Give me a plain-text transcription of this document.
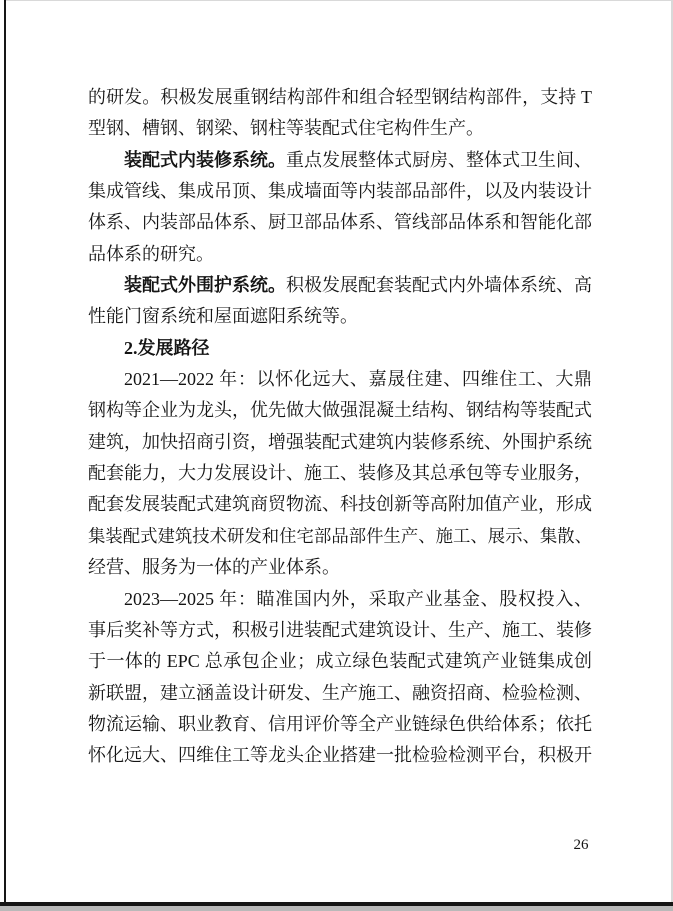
的研发。积极发展重钢结构部件和组合轻型钢结构部件，支持 T
型钢、槽钢、钢梁、钢柱等装配式住宅构件生产。
装配式内装修系统。重点发展整体式厨房、整体式卫生间、
集成管线、集成吊顶、集成墙面等内装部品部件，以及内装设计
体系、内装部品体系、厨卫部品体系、管线部品体系和智能化部
品体系的研究。
装配式外围护系统。积极发展配套装配式内外墙体系统、高
性能门窗系统和屋面遮阳系统等。
2.发展路径
2021—2022 年：以怀化远大、嘉晟住建、四维住工、大鼎
钢构等企业为龙头，优先做大做强混凝土结构、钢结构等装配式
建筑，加快招商引资，增强装配式建筑内装修系统、外围护系统
配套能力，大力发展设计、施工、装修及其总承包等专业服务，
配套发展装配式建筑商贸物流、科技创新等高附加值产业，形成
集装配式建筑技术研发和住宅部品部件生产、施工、展示、集散、
经营、服务为一体的产业体系。
2023—2025 年：瞄准国内外，采取产业基金、股权投入、
事后奖补等方式，积极引进装配式建筑设计、生产、施工、装修
于一体的 EPC 总承包企业；成立绿色装配式建筑产业链集成创
新联盟，建立涵盖设计研发、生产施工、融资招商、检验检测、
物流运输、职业教育、信用评价等全产业链绿色供给体系；依托
怀化远大、四维住工等龙头企业搭建一批检验检测平台，积极开
26
